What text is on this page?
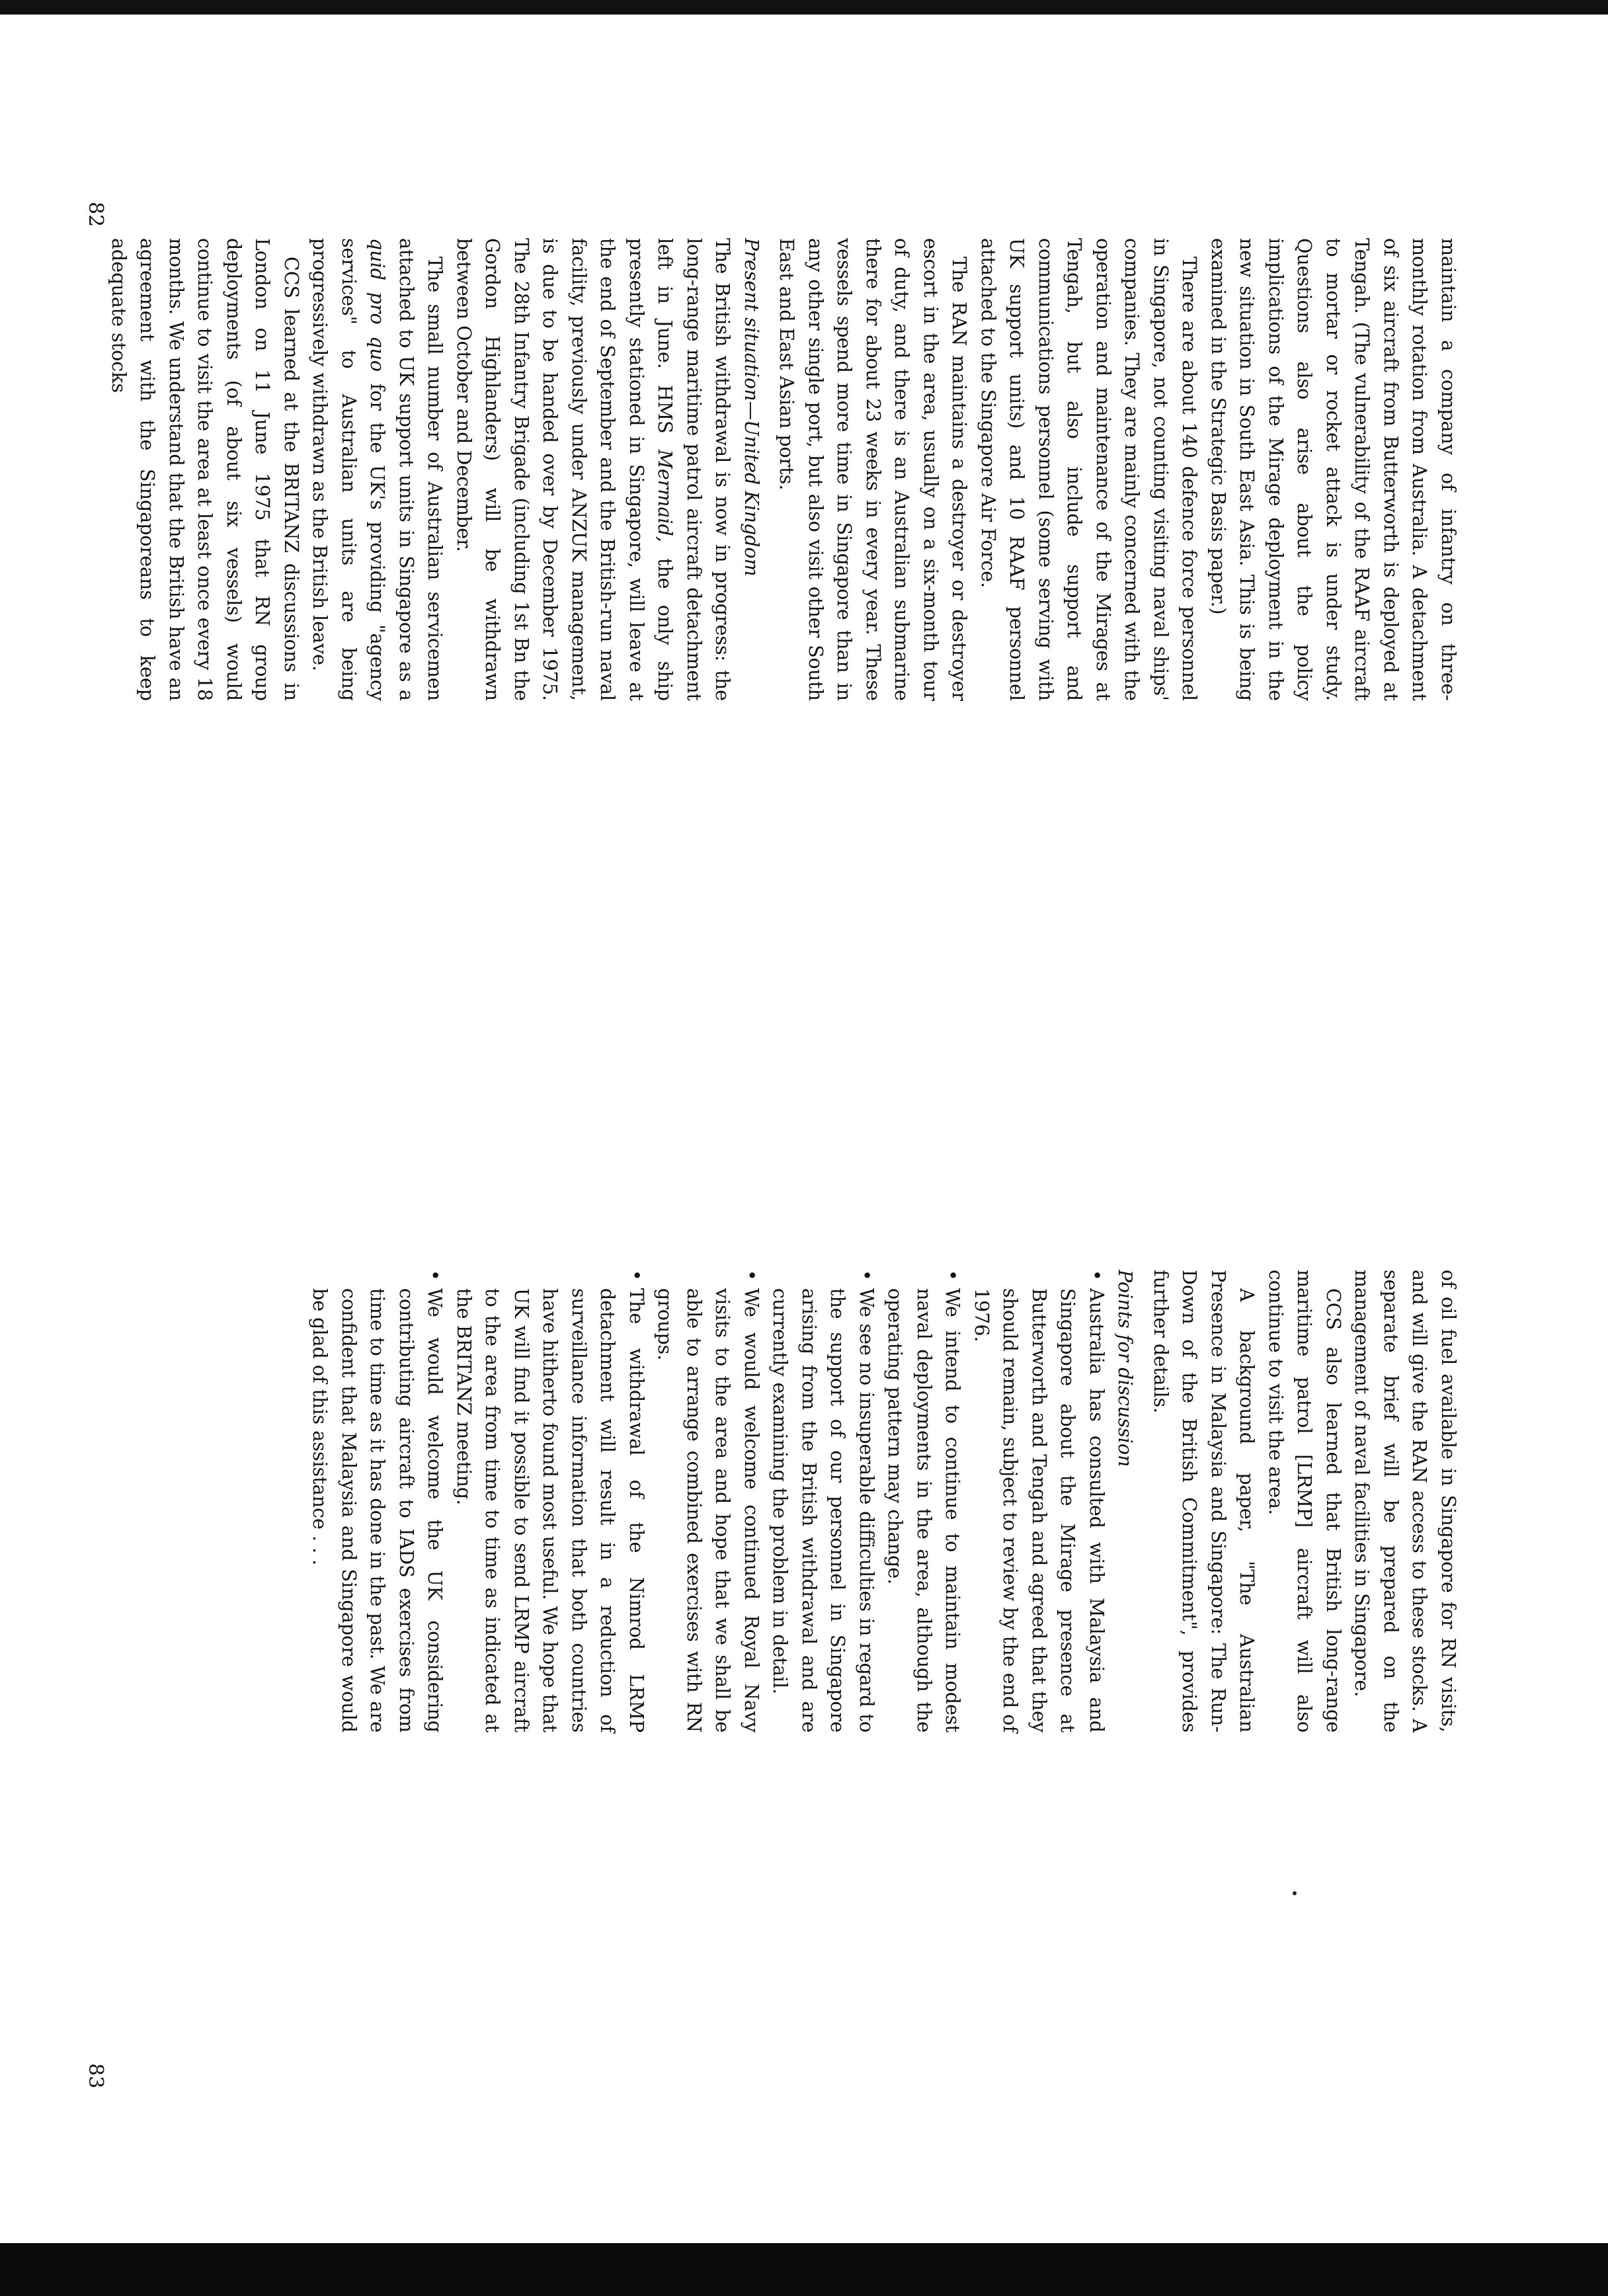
maintain a company of infantry on three-monthly rotation from Australia. A detachment of six aircraft from Butterworth is deployed at Tengah. (The vulnerability of the RAAF aircraft to mortar or rocket attack is under study. Questions also arise about the policy implications of the Mirage deployment in the new situation in South East Asia. This is being examined in the Strategic Basis paper.)

There are about 140 defence force personnel in Singapore, not counting visiting naval ships' companies. They are mainly concerned with the operation and maintenance of the Mirages at Tengah, but also include support and communications personnel (some serving with UK support units) and 10 RAAF personnel attached to the Singapore Air Force.

The RAN maintains a destroyer or destroyer escort in the area, usually on a six-month tour of duty, and there is an Australian submarine there for about 23 weeks in every year. These vessels spend more time in Singapore than in any other single port, but also visit other South East and East Asian ports.

Present situation—United Kingdom

The British withdrawal is now in progress: the long-range maritime patrol aircraft detachment left in June. HMS Mermaid, the only ship presently stationed in Singapore, will leave at the end of September and the British-run naval facility, previously under ANZUK management, is due to be handed over by December 1975. The 28th Infantry Brigade (including 1st Bn the Gordon Highlanders) will be withdrawn between October and December.

The small number of Australian servicemen attached to UK support units in Singapore as a quid pro quo for the UK's providing "agency services" to Australian units are being progressively withdrawn as the British leave.

CCS learned at the BRITANZ discussions in London on 11 June 1975 that RN group deployments (of about six vessels) would continue to visit the area at least once every 18 months. We understand that the British have an agreement with the Singaporeans to keep adequate stocks

of oil fuel available in Singapore for RN visits, and will give the RAN access to these stocks. A separate brief will be prepared on the management of naval facilities in Singapore.

CCS also learned that British long-range maritime patrol [LRMP] aircraft will also continue to visit the area.

A background paper, "The Australian Presence in Malaysia and Singapore: The Run-Down of the British Commitment", provides further details.

Points for discussion

• Australia has consulted with Malaysia and Singapore about the Mirage presence at Butterworth and Tengah and agreed that they should remain, subject to review by the end of 1976.
• We intend to continue to maintain modest naval deployments in the area, although the operating pattern may change.
• We see no insuperable difficulties in regard to the support of our personnel in Singapore arising from the British withdrawal and are currently examining the problem in detail.
• We would welcome continued Royal Navy visits to the area and hope that we shall be able to arrange combined exercises with RN groups.
• The withdrawal of the Nimrod LRMP detachment will result in a reduction of surveillance information that both countries have hitherto found most useful. We hope that UK will find it possible to send LRMP aircraft to the area from time to time as indicated at the BRITANZ meeting.
• We would welcome the UK considering contributing aircraft to IADS exercises from time to time as it has done in the past. We are confident that Malaysia and Singapore would be glad of this assistance . . .
82
83
